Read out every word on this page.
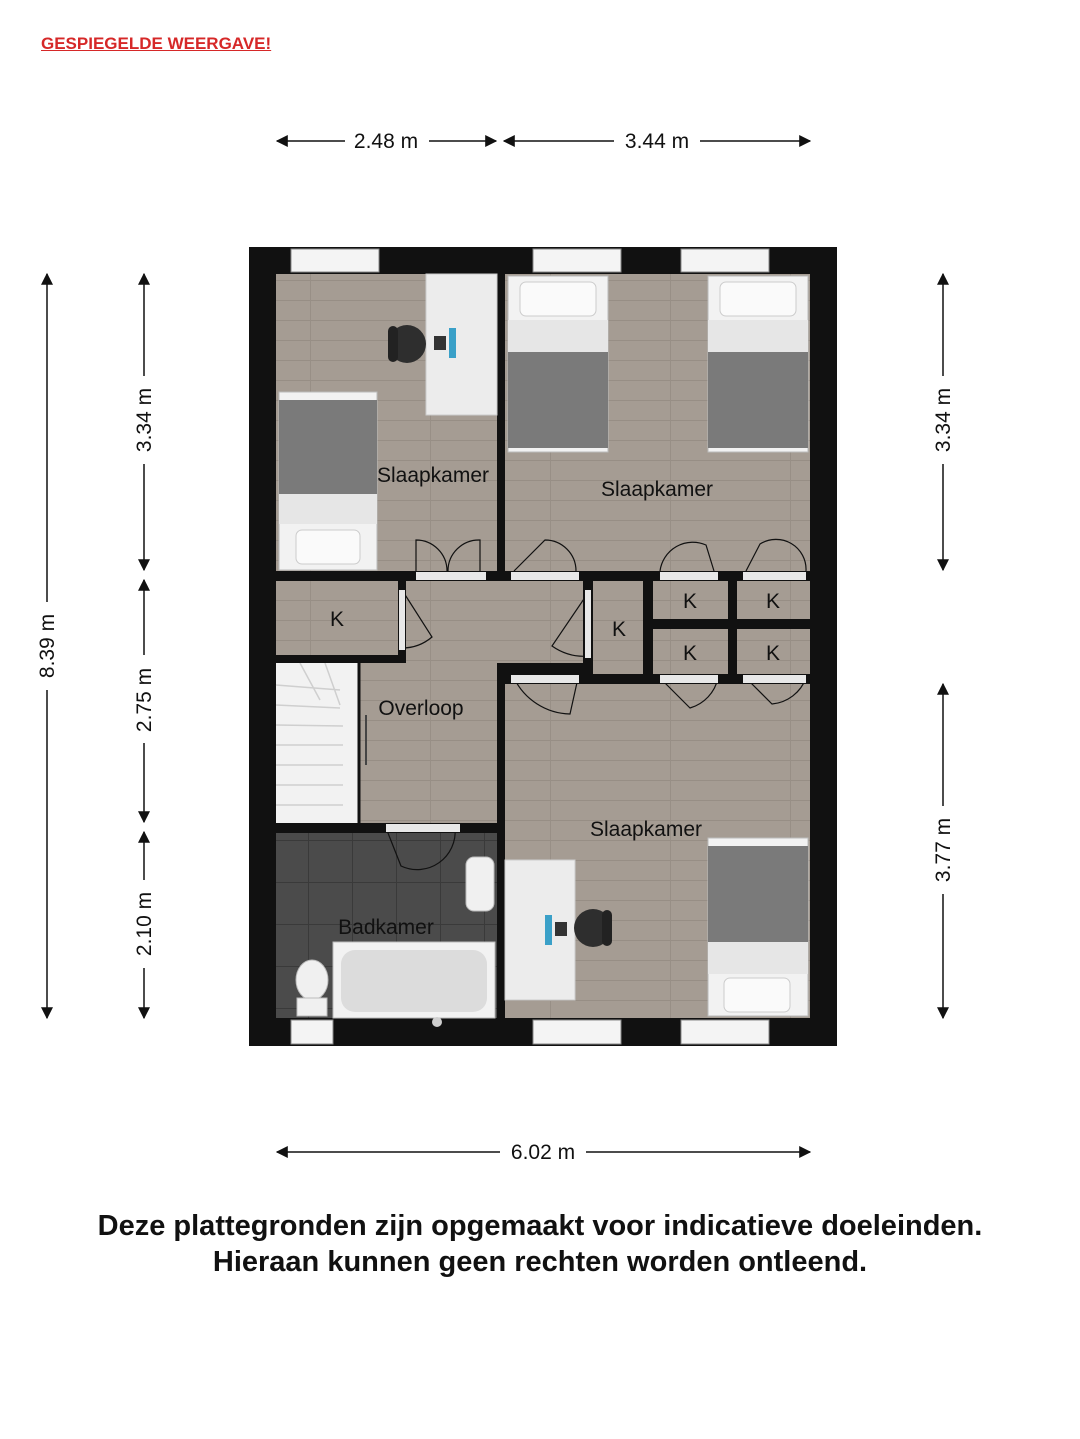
GESPIEGELDE WEERGAVE!
2.48 m	3.44 m
6.02 m
8.39 m
3.34 m
2.75 m
2.10 m
3.34 m
3.77 m
Slaapkamer
Slaapkamer
Slaapkamer
Overloop
Badkamer
K	K
K	K
K	K
Deze plattegronden zijn opgemaakt voor indicatieve doeleinden.
Hieraan kunnen geen rechten worden ontleend.
